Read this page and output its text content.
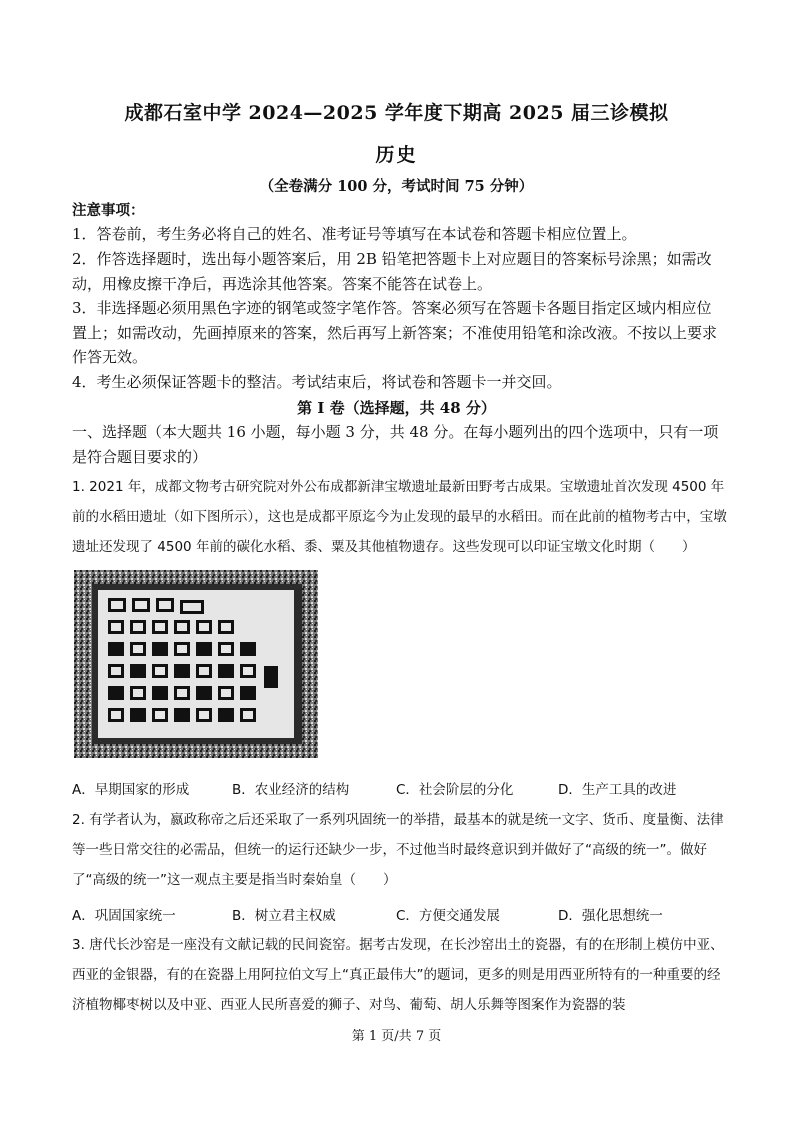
成都石室中学 2024—2025 学年度下期高 2025 届三诊模拟
历史
（全卷满分 100 分，考试时间 75 分钟）
注意事项：
1．答卷前，考生务必将自己的姓名、准考证号等填写在本试卷和答题卡相应位置上。
2．作答选择题时，选出每小题答案后，用 2B 铅笔把答题卡上对应题目的答案标号涂黑；如需改动，用橡皮擦干净后，再选涂其他答案。答案不能答在试卷上。
3．非选择题必须用黑色字迹的钢笔或签字笔作答。答案必须写在答题卡各题目指定区域内相应位置上；如需改动，先画掉原来的答案，然后再写上新答案；不准使用铅笔和涂改液。不按以上要求作答无效。
4．考生必须保证答题卡的整洁。考试结束后，将试卷和答题卡一并交回。
第 I 卷（选择题，共 48 分）
一、选择题（本大题共 16 小题，每小题 3 分，共 48 分。在每小题列出的四个选项中，只有一项是符合题目要求的）
1. 2021 年，成都文物考古研究院对外公布成都新津宝墩遗址最新田野考古成果。宝墩遗址首次发现 4500 年前的水稻田遗址（如下图所示），这也是成都平原迄今为止发现的最早的水稻田。而在此前的植物考古中，宝墩遗址还发现了 4500 年前的碳化水稻、黍、粟及其他植物遗存。这些发现可以印证宝墩文化时期（　　）
A．早期国家的形成	B．农业经济的结构	C．社会阶层的分化	D．生产工具的改进
2. 有学者认为，嬴政称帝之后还采取了一系列巩固统一的举措，最基本的就是统一文字、货币、度量衡、法律等一些日常交往的必需品，但统一的运行还缺少一步，不过他当时最终意识到并做好了“高级的统一”。做好了“高级的统一”这一观点主要是指当时秦始皇（　　）
A．巩固国家统一	B．树立君主权威	C．方便交通发展	D．强化思想统一
3. 唐代长沙窑是一座没有文献记载的民间瓷窑。据考古发现，在长沙窑出土的瓷器，有的在形制上模仿中亚、西亚的金银器，有的在瓷器上用阿拉伯文写上“真正最伟大”的题词，更多的则是用西亚所特有的一种重要的经济植物椰枣树以及中亚、西亚人民所喜爱的狮子、对鸟、葡萄、胡人乐舞等图案作为瓷器的装
第 1 页/共 7 页
